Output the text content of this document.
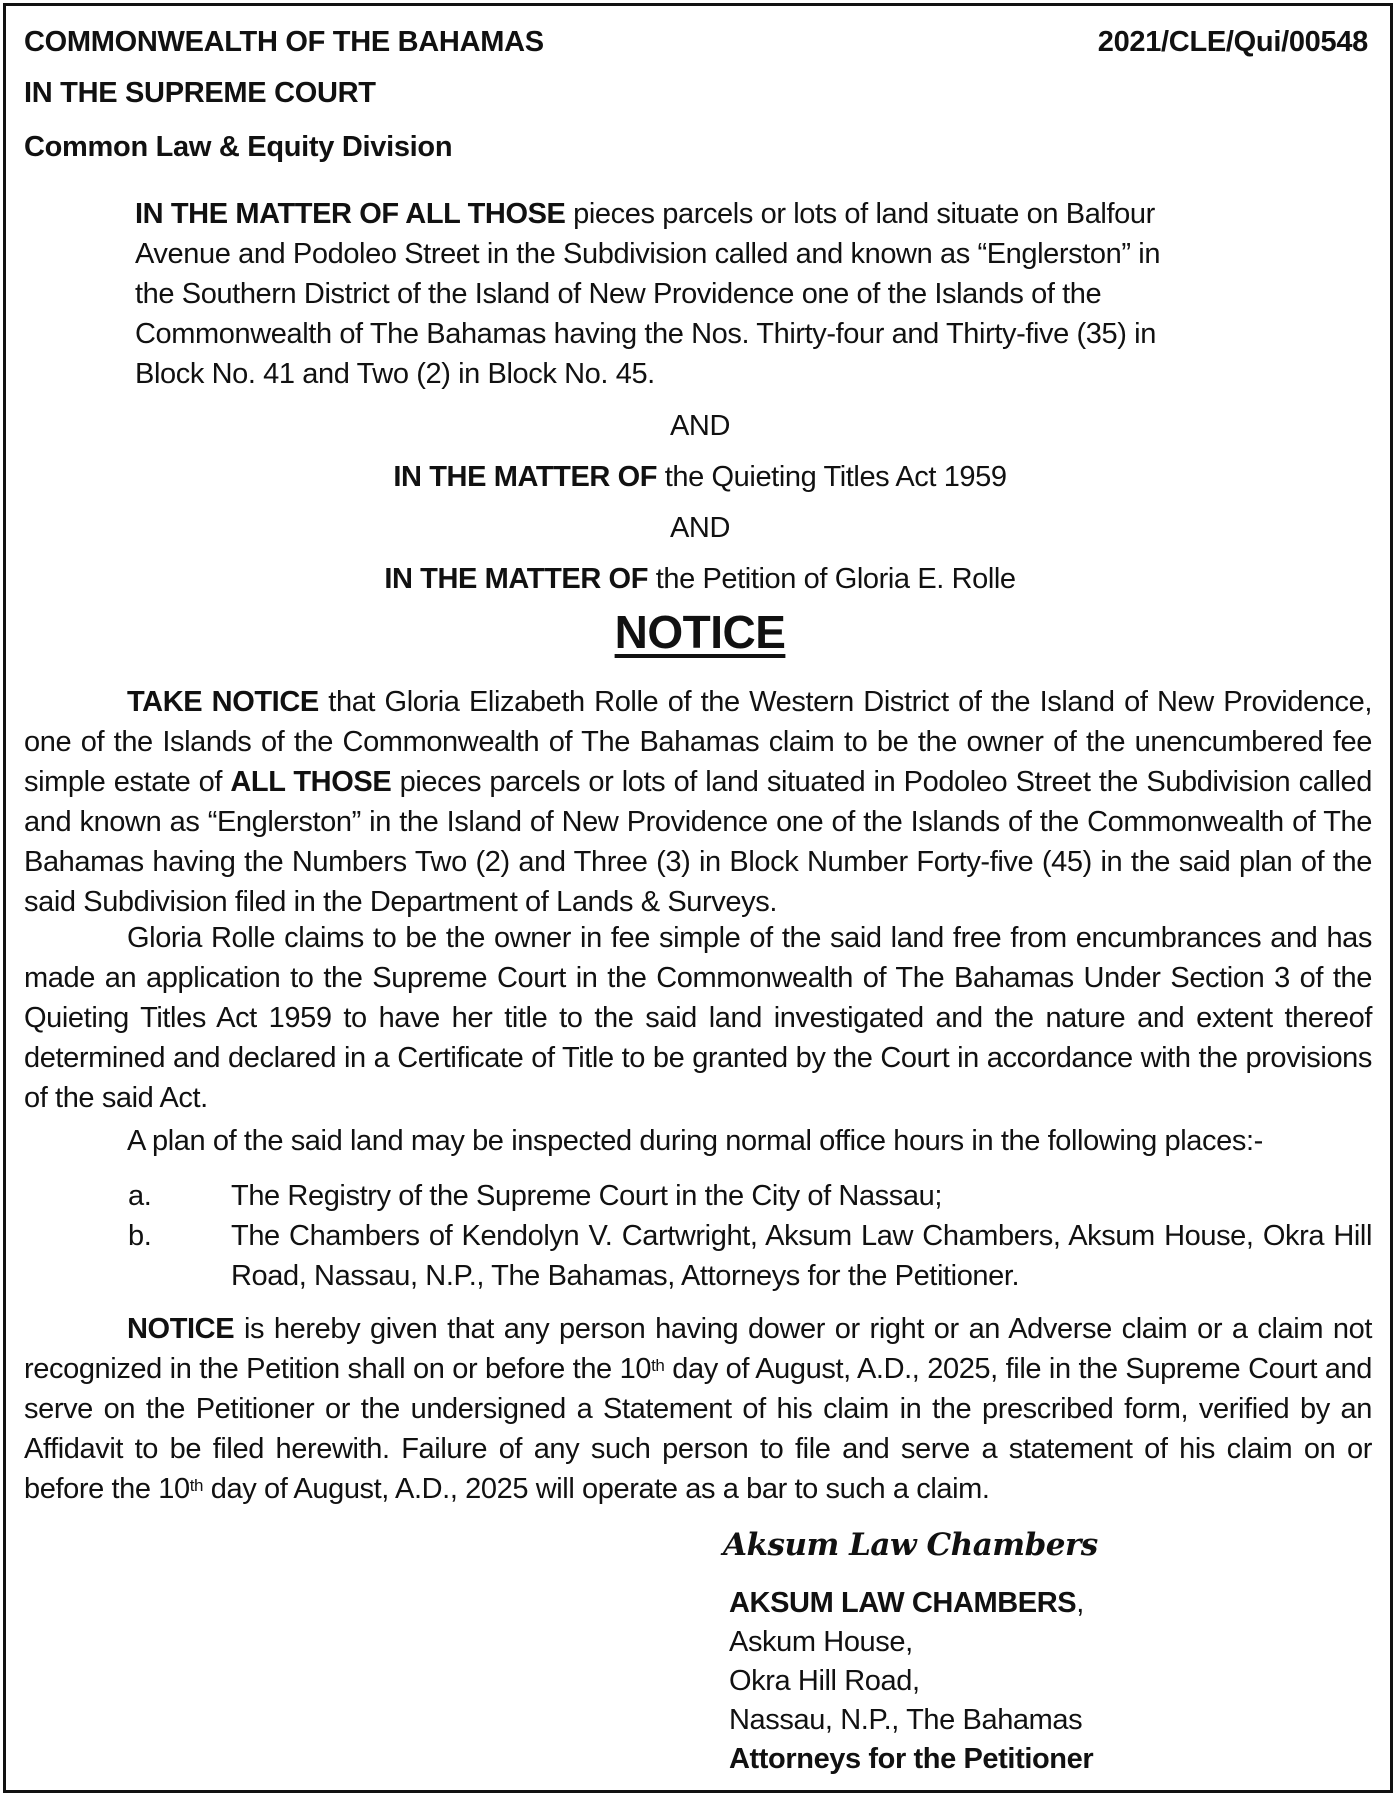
COMMONWEALTH OF THE BAHAMAS
IN THE SUPREME COURT
Common Law & Equity Division
2021/CLE/Qui/00548
IN THE MATTER OF ALL THOSE pieces parcels or lots of land situate on Balfour
Avenue and Podoleo Street in the Subdivision called and known as “Englerston” in
the Southern District of the Island of New Providence one of the Islands of the
Commonwealth of The Bahamas having the Nos. Thirty-four and Thirty-five (35) in
Block No. 41 and Two (2) in Block No. 45.
AND
IN THE MATTER OF the Quieting Titles Act 1959
AND
IN THE MATTER OF the Petition of Gloria E. Rolle
NOTICE
TAKE NOTICE that Gloria Elizabeth Rolle of the Western District of the Island of New Providence, one of the Islands of the Commonwealth of The Bahamas claim to be the owner of the unencumbered fee simple estate of ALL THOSE pieces parcels or lots of land situated in Podoleo Street the Subdivision called and known as “Englerston” in the Island of New Providence one of the Islands of the Commonwealth of The Bahamas having the Numbers Two (2) and Three (3) in Block Number Forty-five (45) in the said plan of the said Subdivision filed in the Department of Lands & Surveys.
Gloria Rolle claims to be the owner in fee simple of the said land free from encumbrances and has made an application to the Supreme Court in the Commonwealth of The Bahamas Under Section 3 of the Quieting Titles Act 1959 to have her title to the said land investigated and the nature and extent thereof determined and declared in a Certificate of Title to be granted by the Court in accordance with the provisions of the said Act.
A plan of the said land may be inspected during normal office hours in the following places:-
a.	The Registry of the Supreme Court in the City of Nassau;
b.	The Chambers of Kendolyn V. Cartwright, Aksum Law Chambers, Aksum House, Okra Hill Road, Nassau, N.P., The Bahamas, Attorneys for the Petitioner.
NOTICE is hereby given that any person having dower or right or an Adverse claim or a claim not recognized in the Petition shall on or before the 10th day of August, A.D., 2025, file in the Supreme Court and serve on the Petitioner or the undersigned a Statement of his claim in the prescribed form, verified by an Affidavit to be filed herewith. Failure of any such person to file and serve a statement of his claim on or before the 10th day of August, A.D., 2025 will operate as a bar to such a claim.
Aksum Law Chambers
AKSUM LAW CHAMBERS,
Askum House,
Okra Hill Road,
Nassau, N.P., The Bahamas
Attorneys for the Petitioner
